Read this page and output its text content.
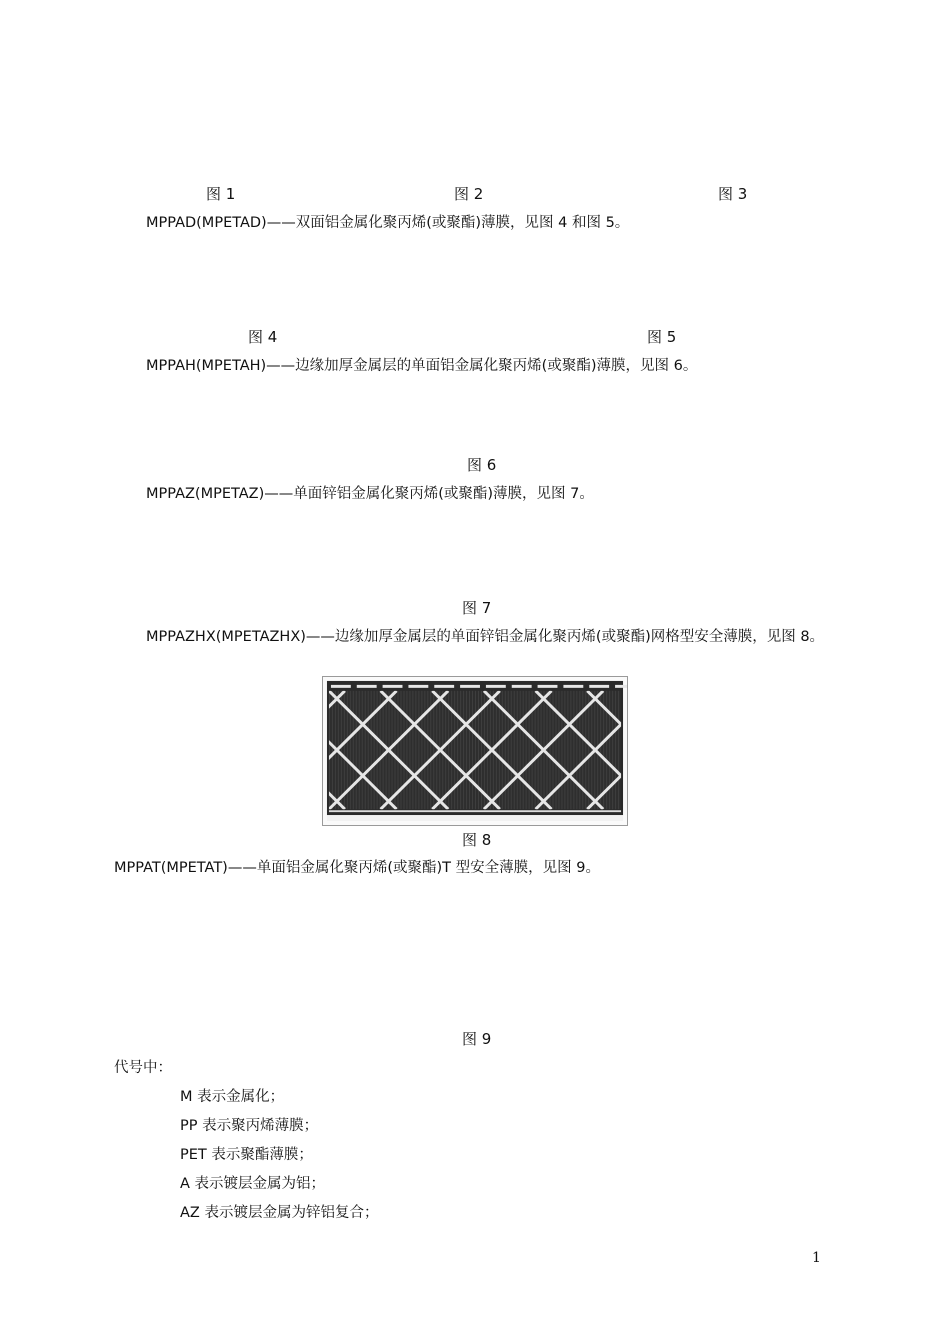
图 1	图 2	图 3
MPPAD(MPETAD)——双面铝金属化聚丙烯(或聚酯)薄膜，见图 4 和图 5。
图 4	图 5
MPPAH(MPETAH)——边缘加厚金属层的单面铝金属化聚丙烯(或聚酯)薄膜，见图 6。
图 6
MPPAZ(MPETAZ)——单面锌铝金属化聚丙烯(或聚酯)薄膜，见图 7。
图 7
MPPAZHX(MPETAZHX)——边缘加厚金属层的单面锌铝金属化聚丙烯(或聚酯)网格型安全薄膜，见图 8。
图 8
MPPAT(MPETAT)——单面铝金属化聚丙烯(或聚酯)T 型安全薄膜，见图 9。
图 9
代号中：
M 表示金属化；
PP 表示聚丙烯薄膜；
PET 表示聚酯薄膜；
A 表示镀层金属为铝；
AZ 表示镀层金属为锌铝复合；
1
